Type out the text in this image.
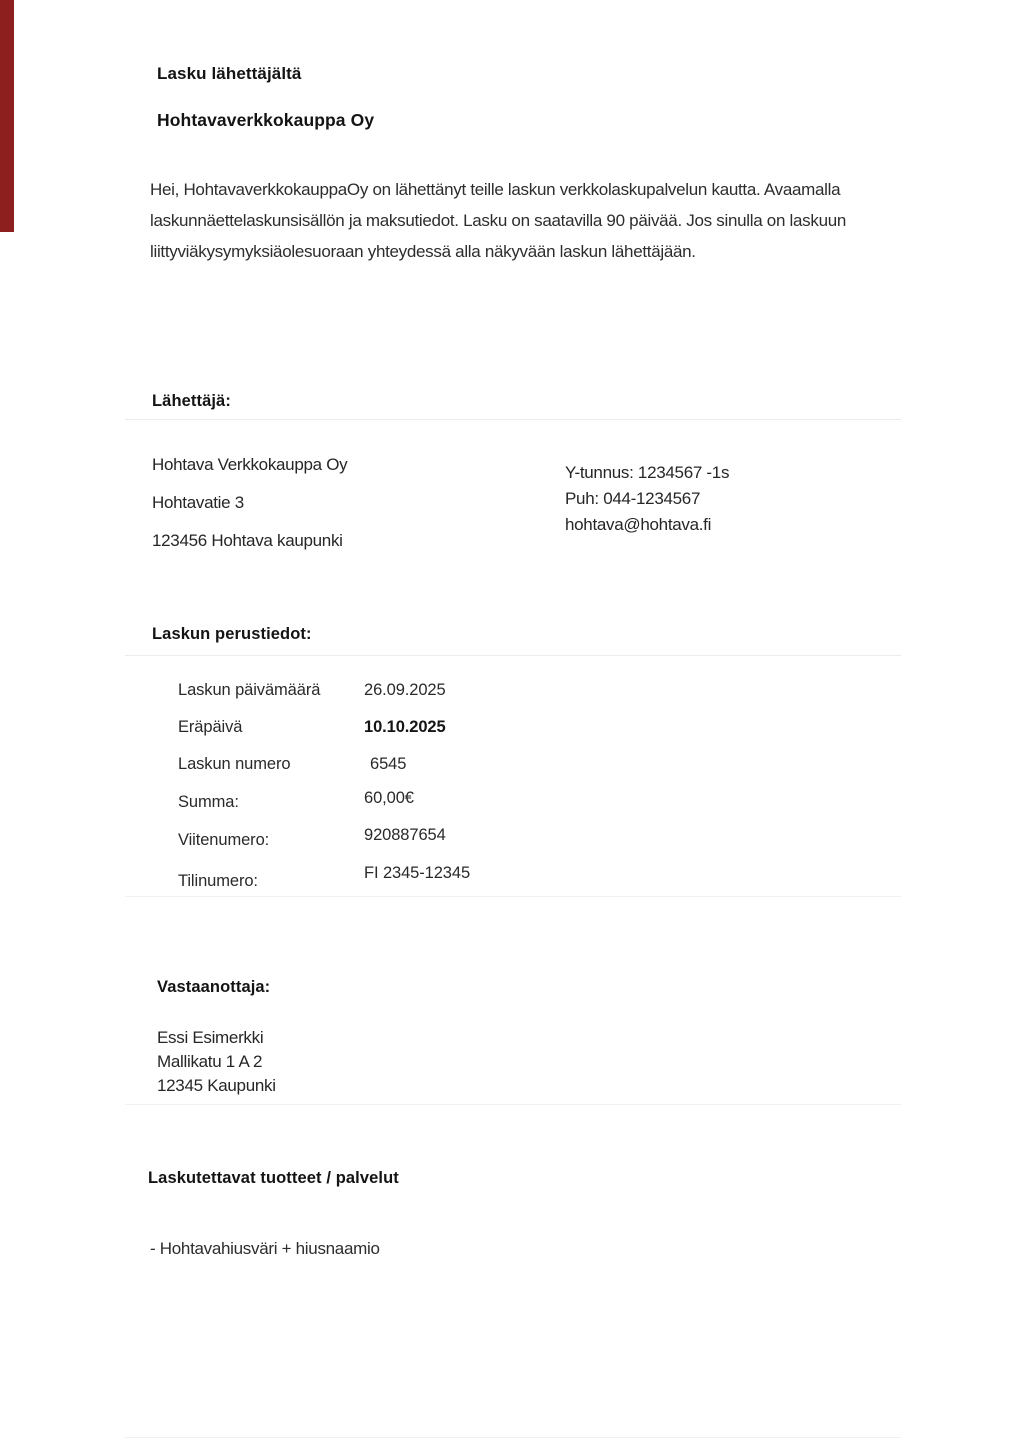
Lasku lähettäjältä
Hohtavaverkkokauppa Oy
Hei, HohtavaverkkokauppaOy on lähettänyt teille laskun verkkolaskupalvelun kautta. Avaamalla
laskunnäettelaskunsisällön ja maksutiedot. Lasku on saatavilla 90 päivää. Jos sinulla on laskuun
liittyviäkysymyksiäolesuoraan yhteydessä alla näkyvään laskun lähettäjään.
Lähettäjä:
Hohtava Verkkokauppa Oy
Hohtavatie 3
123456 Hohtava kaupunki
Y-tunnus: 1234567 -1s
Puh: 044-1234567
hohtava@hohtava.fi
Laskun perustiedot:
Laskun päivämäärä	26.09.2025
Eräpäivä	10.10.2025
Laskun numero	6545
Summa:	60,00€
Viitenumero:	920887654
Tilinumero:	FI 2345-12345
Vastaanottaja:
Essi Esimerkki
Mallikatu 1 A 2
12345 Kaupunki
Laskutettavat tuotteet / palvelut
- Hohtavahiusväri + hiusnaamio
